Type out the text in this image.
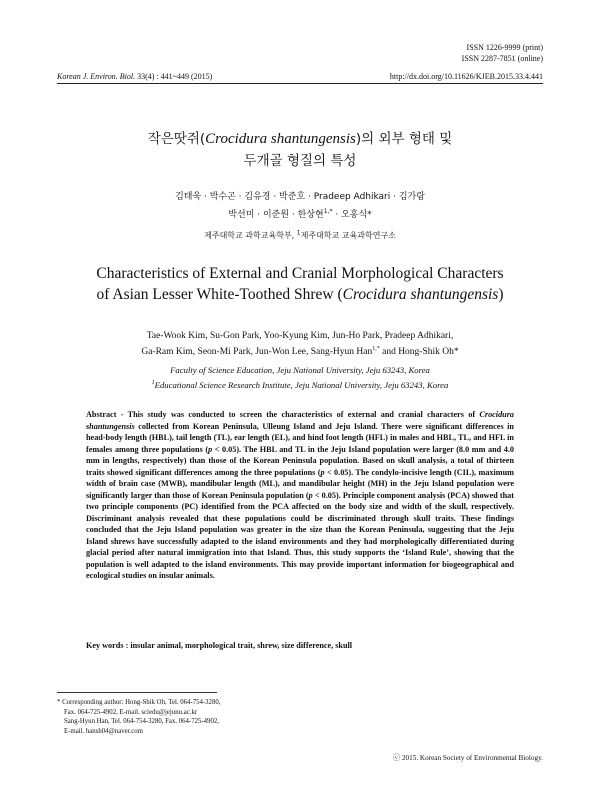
ISSN 1226-9999 (print)
ISSN 2287-7851 (online)
Korean J. Environ. Biol. 33(4) : 441~449 (2015)	http://dx.doi.org/10.11626/KJEB.2015.33.4.441
작은땃쥐(Crocidura shantungensis)의 외부 형태 및
두개골 형질의 특성
김태욱 · 박수곤 · 김유경 · 박준호 · Pradeep Adhikari · 김가람
박선미 · 이준원 · 한상현$^{1,*}$ · 오홍식*
제주대학교 과학교육학부, $^1$제주대학교 교육과학연구소
Characteristics of External and Cranial Morphological Characters
of Asian Lesser White-Toothed Shrew (Crocidura shantungensis)
Tae-Wook Kim, Su-Gon Park, Yoo-Kyung Kim, Jun-Ho Park, Pradeep Adhikari,
Ga-Ram Kim, Seon-Mi Park, Jun-Won Lee, Sang-Hyun Han$^{1,*}$ and Hong-Shik Oh*
Faculty of Science Education, Jeju National University, Jeju 63243, Korea
$^1$Educational Science Research Institute, Jeju National University, Jeju 63243, Korea
Abstract - This study was conducted to screen the characteristics of external and cranial characters of Crocidura shantungensis collected from Korean Peninsula, Ulleung Island and Jeju Island. There were significant differences in head-body length (HBL), tail length (TL), ear length (EL), and hind foot length (HFL) in males and HBL, TL, and HFL in females among three populations (p < 0.05). The HBL and TL in the Jeju Island population were larger (8.0 mm and 4.0 mm in lengths, respectively) than those of the Korean Peninsula population. Based on skull analysis, a total of thirteen traits showed significant differences among the three populations (p < 0.05). The condylo-incisive length (CIL), maximum width of brain case (MWB), mandibular length (ML), and mandibular height (MH) in the Jeju Island population were significantly larger than those of Korean Peninsula population (p < 0.05). Principle component analysis (PCA) showed that two principle components (PC) identified from the PCA affected on the body size and width of the skull, respectively. Discriminant analysis revealed that these populations could be discriminated through skull traits. These findings concluded that the Jeju Island population was greater in the size than the Korean Peninsula, suggesting that the Jeju Island shrews have successfully adapted to the island environments and they had morphologically differentiated during glacial period after natural immigration into that Island. Thus, this study supports the ‘Island Rule’, showing that the population is well adapted to the island environments. This may provide important information for biogeographical and ecological studies on insular animals.
Key words : insular animal, morphological trait, shrew, size difference, skull
* Corresponding author: Hong-Shik Oh, Tel. 064-754-3280,
Fax. 064-725-4902, E-mail. sciedu@jejunu.ac.kr
Sang-Hyun Han, Tel. 064-754-3280, Fax. 064-725-4902,
E-mail. hansh04@naver.com
ⓒ 2015. Korean Society of Environmental Biology.
